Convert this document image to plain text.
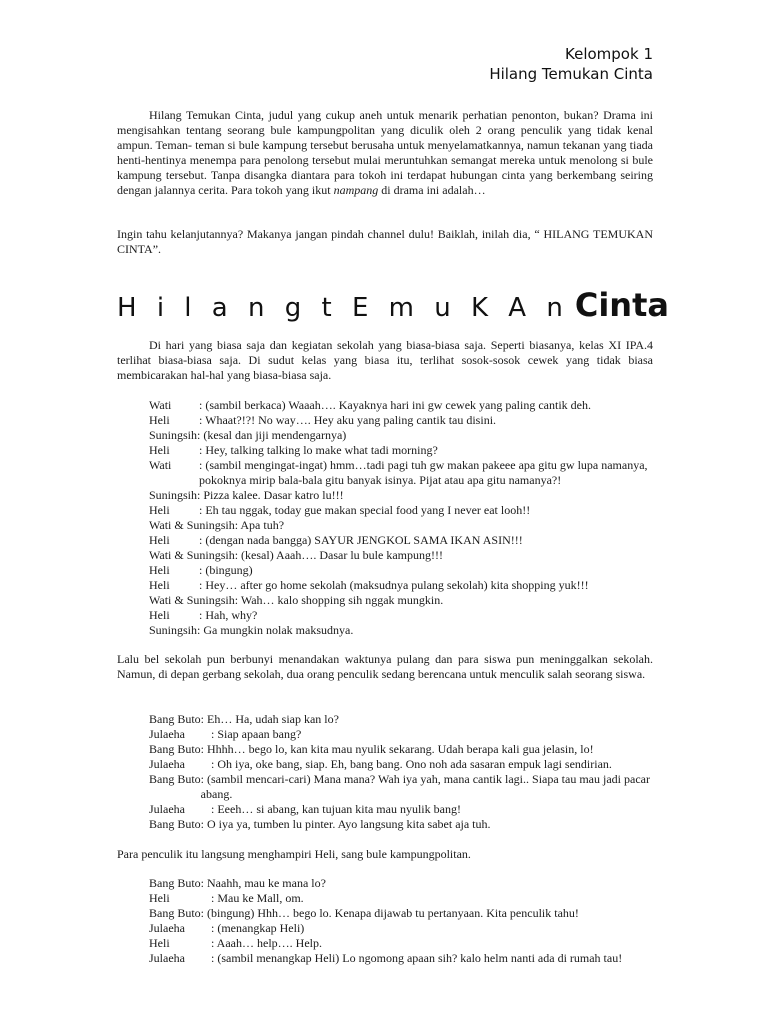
Kelompok 1
Hilang Temukan Cinta

Hilang Temukan Cinta, judul yang cukup aneh untuk menarik perhatian penonton, bukan? Drama ini mengisahkan tentang seorang bule kampungpolitan yang diculik oleh 2 orang penculik yang tidak kenal ampun. Teman- teman si bule kampung tersebut berusaha untuk menyelamatkannya, namun tekanan yang tiada henti-hentinya menempa para penolong tersebut mulai meruntuhkan semangat mereka untuk menolong si bule kampung tersebut. Tanpa disangka diantara para tokoh ini terdapat hubungan cinta yang berkembang seiring dengan jalannya cerita. Para tokoh yang ikut nampang di drama ini adalah…

Ingin tahu kelanjutannya? Makanya jangan pindah channel dulu! Baiklah, inilah dia, “ HILANG TEMUKAN CINTA”.

H i l a n g t E m u K A n Cinta

Di hari yang biasa saja dan kegiatan sekolah yang biasa-biasa saja. Seperti biasanya, kelas XI IPA.4 terlihat biasa-biasa saja. Di sudut kelas yang biasa itu, terlihat sosok-sosok cewek yang tidak biasa membicarakan hal-hal yang biasa-biasa saja.

Wati	: (sambil berkaca) Waaah…. Kayaknya hari ini gw cewek yang paling cantik deh.
Heli	: Whaat?!?! No way…. Hey aku yang paling cantik tau disini.
Suningsih : (kesal dan jiji mendengarnya)
Heli	: Hey, talking talking lo make what tadi morning?
Wati	: (sambil mengingat-ingat) hmm…tadi pagi tuh gw makan pakeee apa gitu gw lupa namanya, pokoknya mirip bala-bala gitu banyak isinya. Pijat atau apa gitu namanya?!
Suningsih : Pizza kalee. Dasar katro lu!!!
Heli	: Eh tau nggak, today gue makan special food yang I never eat looh!!
Wati & Suningsih : Apa tuh?
Heli	: (dengan nada bangga) SAYUR JENGKOL SAMA IKAN ASIN!!!
Wati & Suningsih : (kesal) Aaah…. Dasar lu bule kampung!!!
Heli	: (bingung)
Heli	: Hey… after go home sekolah (maksudnya pulang sekolah) kita shopping yuk!!!
Wati & Suningsih : Wah… kalo shopping sih nggak mungkin.
Heli	: Hah, why?
Suningsih : Ga mungkin nolak maksudnya.

Lalu bel sekolah pun berbunyi menandakan waktunya pulang dan para siswa pun meninggalkan sekolah. Namun, di depan gerbang sekolah, dua orang penculik sedang berencana untuk menculik salah seorang siswa.

Bang Buto : Eh… Ha, udah siap kan lo?
Julaeha	: Siap apaan bang?
Bang Buto : Hhhh… bego lo, kan kita mau nyulik sekarang. Udah berapa kali gua jelasin, lo!
Julaeha	: Oh iya, oke bang, siap. Eh, bang bang. Ono noh ada sasaran empuk lagi sendirian.
Bang Buto : (sambil mencari-cari) Mana mana? Wah iya yah, mana cantik lagi.. Siapa tau mau jadi pacar abang.
Julaeha	: Eeeh… si abang, kan tujuan kita mau nyulik bang!
Bang Buto : O iya ya, tumben lu pinter. Ayo langsung kita sabet aja tuh.

Para penculik itu langsung menghampiri Heli, sang bule kampungpolitan.

Bang Buto : Naahh, mau ke mana lo?
Heli	: Mau ke Mall, om.
Bang Buto : (bingung) Hhh… bego lo. Kenapa dijawab tu pertanyaan. Kita penculik tahu!
Julaeha	: (menangkap Heli)
Heli	: Aaah… help…. Help.
Julaeha	: (sambil menangkap Heli) Lo ngomong apaan sih? kalo helm nanti ada di rumah tau!
